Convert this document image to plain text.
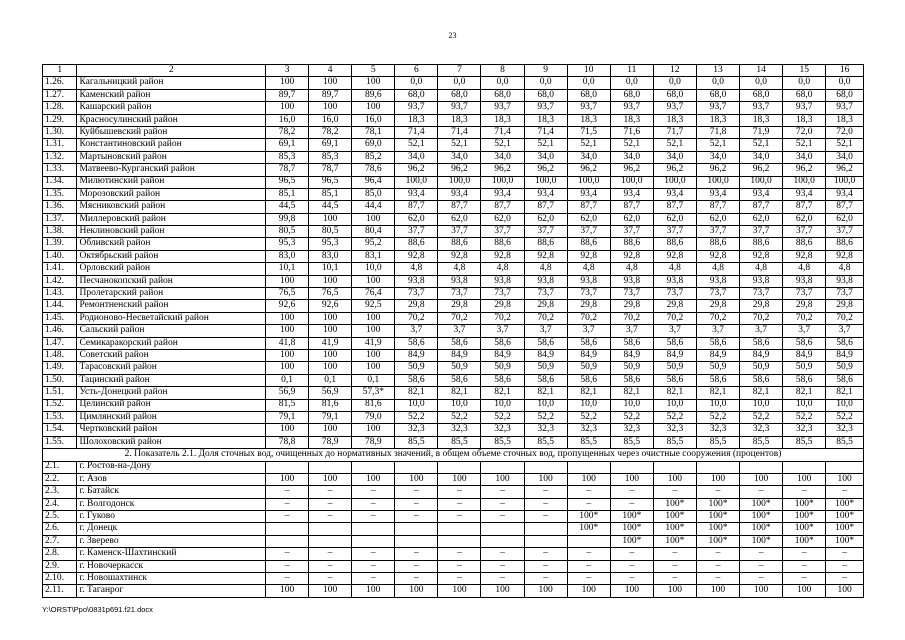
23
1	2	3	4	5	6	7	8	9	10	11	12	13	14	15	16
1.26.	Кагальницкий район	100	100	100	0,0	0,0	0,0	0,0	0,0	0,0	0,0	0,0	0,0	0,0	0,0
1.27.	Каменский район	89,7	89,7	89,6	68,0	68,0	68,0	68,0	68,0	68,0	68,0	68,0	68,0	68,0	68,0
1.28.	Кашарский район	100	100	100	93,7	93,7	93,7	93,7	93,7	93,7	93,7	93,7	93,7	93,7	93,7
1.29.	Красносулинский район	16,0	16,0	16,0	18,3	18,3	18,3	18,3	18,3	18,3	18,3	18,3	18,3	18,3	18,3
1.30.	Куйбышевский район	78,2	78,2	78,1	71,4	71,4	71,4	71,4	71,5	71,6	71,7	71,8	71,9	72,0	72,0
1.31.	Константиновский район	69,1	69,1	69,0	52,1	52,1	52,1	52,1	52,1	52,1	52,1	52,1	52,1	52,1	52,1
1.32.	Мартыновский район	85,3	85,3	85,2	34,0	34,0	34,0	34,0	34,0	34,0	34,0	34,0	34,0	34,0	34,0
1.33.	Матвеево-Курганский район	78,7	78,7	78,6	96,2	96,2	96,2	96,2	96,2	96,2	96,2	96,2	96,2	96,2	96,2
1.34.	Милютинский район	96,5	96,5	96,4	100,0	100,0	100,0	100,0	100,0	100,0	100,0	100,0	100,0	100,0	100,0
1.35.	Морозовский район	85,1	85,1	85,0	93,4	93,4	93,4	93,4	93,4	93,4	93,4	93,4	93,4	93,4	93,4
1.36.	Мясниковский район	44,5	44,5	44,4	87,7	87,7	87,7	87,7	87,7	87,7	87,7	87,7	87,7	87,7	87,7
1.37.	Миллеровский район	99,8	100	100	62,0	62,0	62,0	62,0	62,0	62,0	62,0	62,0	62,0	62,0	62,0
1.38.	Неклиновский район	80,5	80,5	80,4	37,7	37,7	37,7	37,7	37,7	37,7	37,7	37,7	37,7	37,7	37,7
1.39.	Обливский район	95,3	95,3	95,2	88,6	88,6	88,6	88,6	88,6	88,6	88,6	88,6	88,6	88,6	88,6
1.40.	Октябрьский район	83,0	83,0	83,1	92,8	92,8	92,8	92,8	92,8	92,8	92,8	92,8	92,8	92,8	92,8
1.41.	Орловский район	10,1	10,1	10,0	4,8	4,8	4,8	4,8	4,8	4,8	4,8	4,8	4,8	4,8	4,8
1.42.	Песчанокопский район	100	100	100	93,8	93,8	93,8	93,8	93,8	93,8	93,8	93,8	93,8	93,8	93,8
1.43.	Пролетарский район	76,5	76,5	76,4	73,7	73,7	73,7	73,7	73,7	73,7	73,7	73,7	73,7	73,7	73,7
1.44.	Ремонтненский район	92,6	92,6	92,5	29,8	29,8	29,8	29,8	29,8	29,8	29,8	29,8	29,8	29,8	29,8
1.45.	Родионово-Несветайский район	100	100	100	70,2	70,2	70,2	70,2	70,2	70,2	70,2	70,2	70,2	70,2	70,2
1.46.	Сальский район	100	100	100	3,7	3,7	3,7	3,7	3,7	3,7	3,7	3,7	3,7	3,7	3,7
1.47.	Семикаракорский район	41,8	41,9	41,9	58,6	58,6	58,6	58,6	58,6	58,6	58,6	58,6	58,6	58,6	58,6
1.48.	Советский район	100	100	100	84,9	84,9	84,9	84,9	84,9	84,9	84,9	84,9	84,9	84,9	84,9
1.49.	Тарасовский район	100	100	100	50,9	50,9	50,9	50,9	50,9	50,9	50,9	50,9	50,9	50,9	50,9
1.50.	Тацинский район	0,1	0,1	0,1	58,6	58,6	58,6	58,6	58,6	58,6	58,6	58,6	58,6	58,6	58,6
1.51.	Усть-Донецкий район	56,9	56,9	57,3*	82,1	82,1	82,1	82,1	82,1	82,1	82,1	82,1	82,1	82,1	82,1
1.52.	Целинский район	81,5	81,6	81,6	10,0	10,0	10,0	10,0	10,0	10,0	10,0	10,0	10,0	10,0	10,0
1.53.	Цимлянский район	79,1	79,1	79,0	52,2	52,2	52,2	52,2	52,2	52,2	52,2	52,2	52,2	52,2	52,2
1.54.	Чертковский район	100	100	100	32,3	32,3	32,3	32,3	32,3	32,3	32,3	32,3	32,3	32,3	32,3
1.55.	Шолоховский район	78,8	78,9	78,9	85,5	85,5	85,5	85,5	85,5	85,5	85,5	85,5	85,5	85,5	85,5
2. Показатель 2.1. Доля сточных вод, очищенных до нормативных значений, в общем объеме сточных вод, пропущенных через очистные сооружения (процентов)															
2.1.	г. Ростов-на-Дону														
2.2.	г. Азов	100	100	100	100	100	100	100	100	100	100	100	100	100	100
2.3.	г. Батайск	–	–	–	–	–	–	–	–	–	–	–	–	–	–
2.4.	г. Волгодонск	–	–	–	–	–	–	–	–	–	100*	100*	100*	100*	100*
2.5.	г. Гуково	–	–	–	–	–	–	–	100*	100*	100*	100*	100*	100*	100*
2.6.	г. Донецк								100*	100*	100*	100*	100*	100*	100*
2.7.	г. Зверево									100*	100*	100*	100*	100*	100*
2.8.	г. Каменск-Шахтинский	–	–	–	–	–	–	–	–	–	–	–	–	–	–
2.9.	г. Новочеркасск	–	–	–	–	–	–	–	–	–	–	–	–	–	–
2.10.	г. Новошахтинск	–	–	–	–	–	–	–	–	–	–	–	–	–	–
2.11.	г. Таганрог	100	100	100	100	100	100	100	100	100	100	100	100	100	100
Y:\ORST\Ppo\0831p691.f21.docx
